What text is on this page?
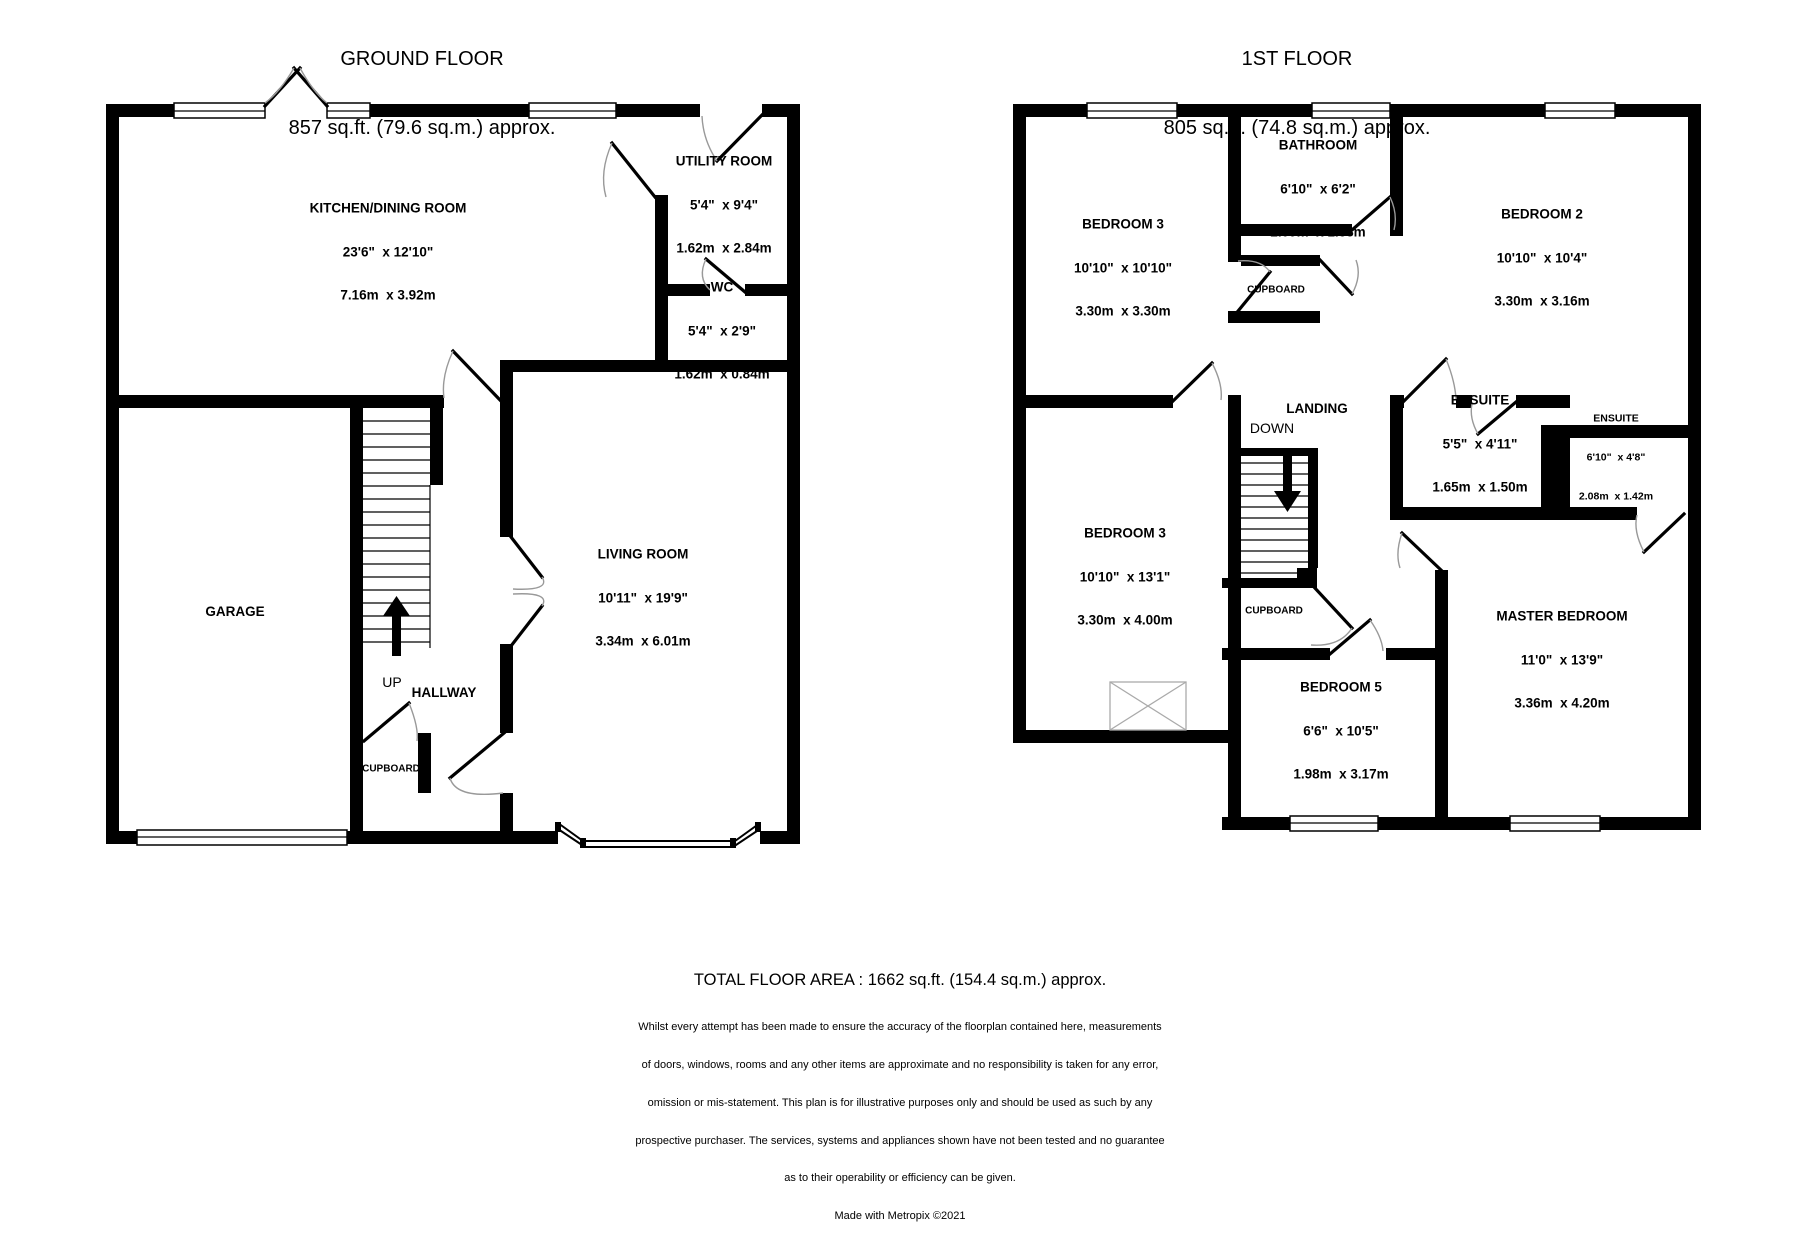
GROUND FLOOR

857 sq.ft. (79.6 sq.m.) approx.

1ST FLOOR

805 sq.ft. (74.8 sq.m.) approx.

KITCHEN/DINING ROOM

23'6"  x 12'10"

7.16m  x 3.92m

UTILITY ROOM

5'4"  x 9'4"

1.62m  x 2.84m

WC

5'4"  x 2'9"

1.62m  x 0.84m

LIVING ROOM

10'11"  x 19'9"

3.34m  x 6.01m

GARAGE

UP

HALLWAY

CUPBOARD

BEDROOM 3

10'10"  x 10'10"

3.30m  x 3.30m

BATHROOM

6'10"  x 6'2"

2.09m  x 1.88m

BEDROOM 2

10'10"  x 10'4"

3.30m  x 3.16m

CUPBOARD

LANDING

DOWN

ENSUITE

5'5"  x 4'11"

1.65m  x 1.50m

ENSUITE

6'10"  x 4'8"

2.08m  x 1.42m

BEDROOM 3

10'10"  x 13'1"

3.30m  x 4.00m

BEDROOM 5

6'6"  x 10'5"

1.98m  x 3.17m

MASTER BEDROOM

11'0"  x 13'9"

3.36m  x 4.20m

CUPBOARD

TOTAL FLOOR AREA : 1662 sq.ft. (154.4 sq.m.) approx.

Whilst every attempt has been made to ensure the accuracy of the floorplan contained here, measurements

of doors, windows, rooms and any other items are approximate and no responsibility is taken for any error,

omission or mis-statement. This plan is for illustrative purposes only and should be used as such by any

prospective purchaser. The services, systems and appliances shown have not been tested and no guarantee

as to their operability or efficiency can be given.

Made with Metropix ©2021
